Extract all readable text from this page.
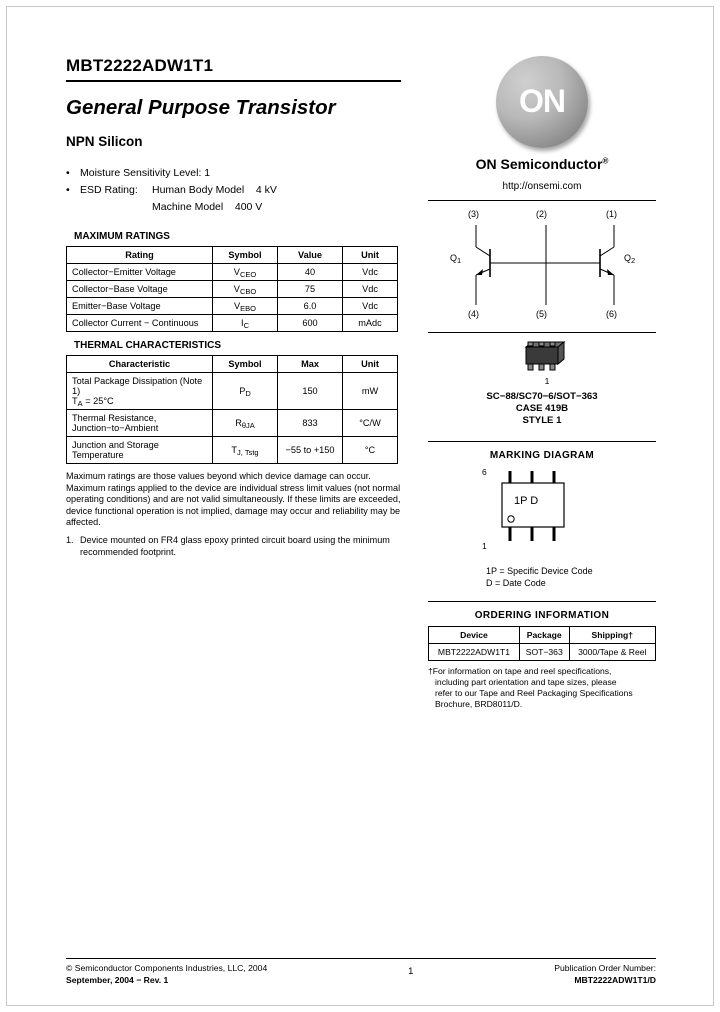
MBT2222ADW1T1
General Purpose Transistor
NPN Silicon
• Moisture Sensitivity Level: 1
• ESD Rating:	Human Body Model    4 kV
Machine Model    400 V
MAXIMUM RATINGS
Rating	Symbol	Value	Unit
Collector−Emitter Voltage	$V_{CEO}$	40	Vdc
Collector−Base Voltage	$V_{CBO}$	75	Vdc
Emitter−Base Voltage	$V_{EBO}$	6.0	Vdc
Collector Current − Continuous	$I_C$	600	mAdc
THERMAL CHARACTERISTICS
Characteristic	Symbol	Max	Unit
Total Package Dissipation (Note 1)
$T_A = 25^\circ C$	$P_D$	150	mW
Thermal Resistance,
Junction−to−Ambient	$R_{\theta JA}$	833	°C/W
Junction and Storage Temperature	$T_{J, Tstg}$	−55 to +150	°C
Maximum ratings are those values beyond which device damage can occur. Maximum ratings applied to the device are individual stress limit values (not normal operating conditions) and are not valid simultaneously. If these limits are exceeded, device functional operation is not implied, damage may occur and reliability may be affected.
1. Device mounted on FR4 glass epoxy printed circuit board using the minimum recommended footprint.
ON
ON Semiconductor®
http://onsemi.com
(3)	(2)	(1)
(4)	(5)	(6)
$Q_1$	$Q_2$
1
SC−88/SC70−6/SOT−363
CASE 419B
STYLE 1
MARKING DIAGRAM
6
1
1P D
1P = Specific Device Code
D = Date Code
ORDERING INFORMATION
Device	Package	Shipping†
MBT2222ADW1T1	SOT−363	3000/Tape & Reel
†For information on tape and reel specifications,
including part orientation and tape sizes, please
refer to our Tape and Reel Packaging Specifications
Brochure, BRD8011/D.
© Semiconductor Components Industries, LLC, 2004
September, 2004 − Rev. 1
1	Publication Order Number:
MBT2222ADW1T1/D
